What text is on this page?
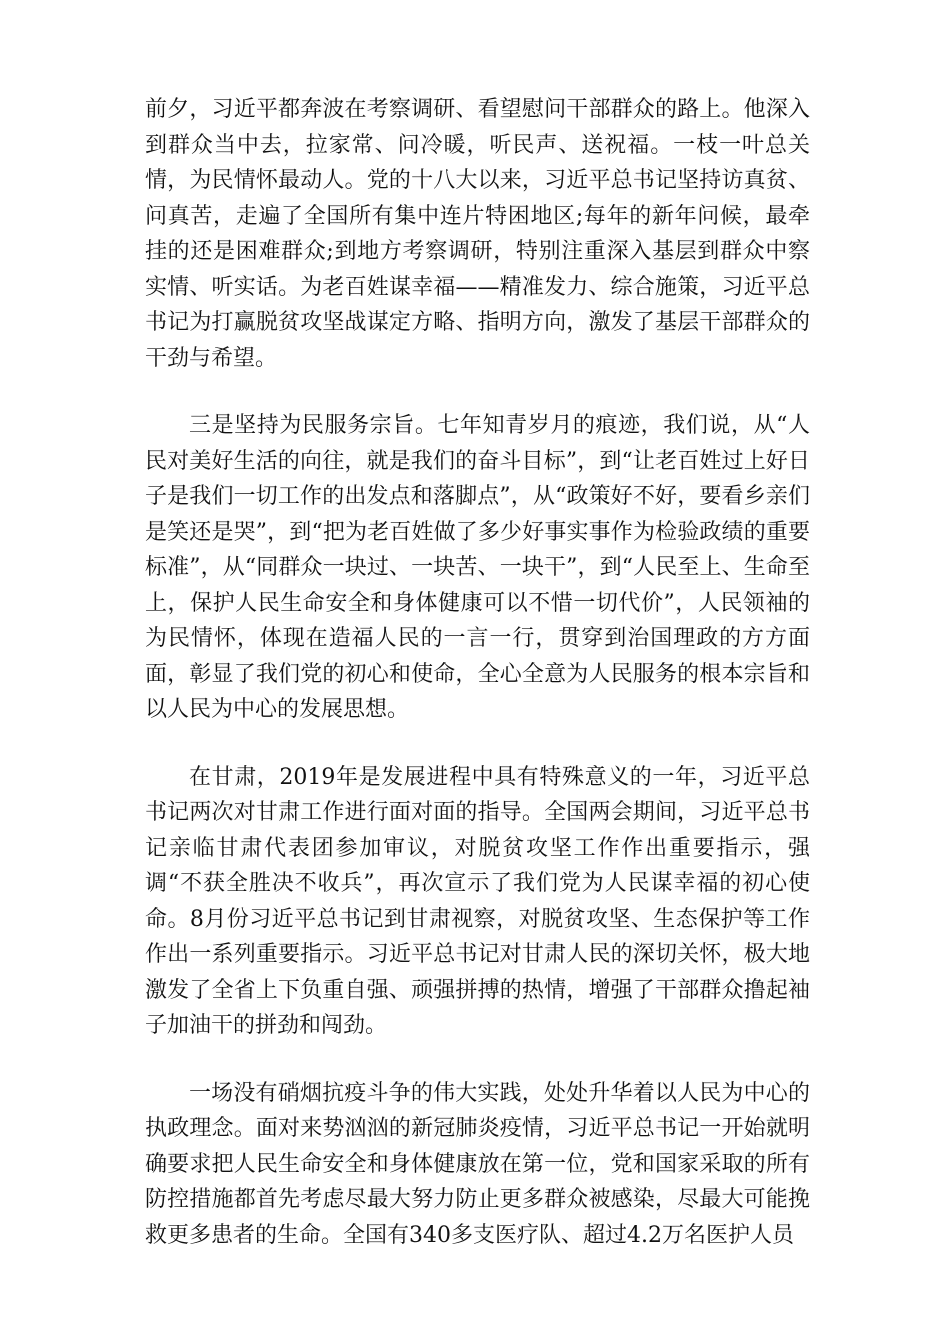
前夕，习近平都奔波在考察调研、看望慰问干部群众的路上。他深入到群众当中去，拉家常、问冷暖，听民声、送祝福。一枝一叶总关情，为民情怀最动人。党的十八大以来，习近平总书记坚持访真贫、问真苦，走遍了全国所有集中连片特困地区;每年的新年问候，最牵挂的还是困难群众;到地方考察调研，特别注重深入基层到群众中察实情、听实话。为老百姓谋幸福——精准发力、综合施策，习近平总书记为打赢脱贫攻坚战谋定方略、指明方向，激发了基层干部群众的干劲与希望。

三是坚持为民服务宗旨。七年知青岁月的痕迹，我们说，从“人民对美好生活的向往，就是我们的奋斗目标”，到“让老百姓过上好日子是我们一切工作的出发点和落脚点”，从“政策好不好，要看乡亲们是笑还是哭”，到“把为老百姓做了多少好事实事作为检验政绩的重要标准”，从“同群众一块过、一块苦、一块干”，到“人民至上、生命至上，保护人民生命安全和身体健康可以不惜一切代价”，人民领袖的为民情怀，体现在造福人民的一言一行，贯穿到治国理政的方方面面，彰显了我们党的初心和使命，全心全意为人民服务的根本宗旨和以人民为中心的发展思想。

在甘肃，2019年是发展进程中具有特殊意义的一年，习近平总书记两次对甘肃工作进行面对面的指导。全国两会期间，习近平总书记亲临甘肃代表团参加审议，对脱贫攻坚工作作出重要指示，强调“不获全胜决不收兵”，再次宣示了我们党为人民谋幸福的初心使命。8月份习近平总书记到甘肃视察，对脱贫攻坚、生态保护等工作作出一系列重要指示。习近平总书记对甘肃人民的深切关怀，极大地激发了全省上下负重自强、顽强拼搏的热情，增强了干部群众撸起袖子加油干的拼劲和闯劲。

一场没有硝烟抗疫斗争的伟大实践，处处升华着以人民为中心的执政理念。面对来势汹汹的新冠肺炎疫情，习近平总书记一开始就明确要求把人民生命安全和身体健康放在第一位，党和国家采取的所有防控措施都首先考虑尽最大努力防止更多群众被感染，尽最大可能挽救更多患者的生命。全国有340多支医疗队、超过4.2万名医护人员
